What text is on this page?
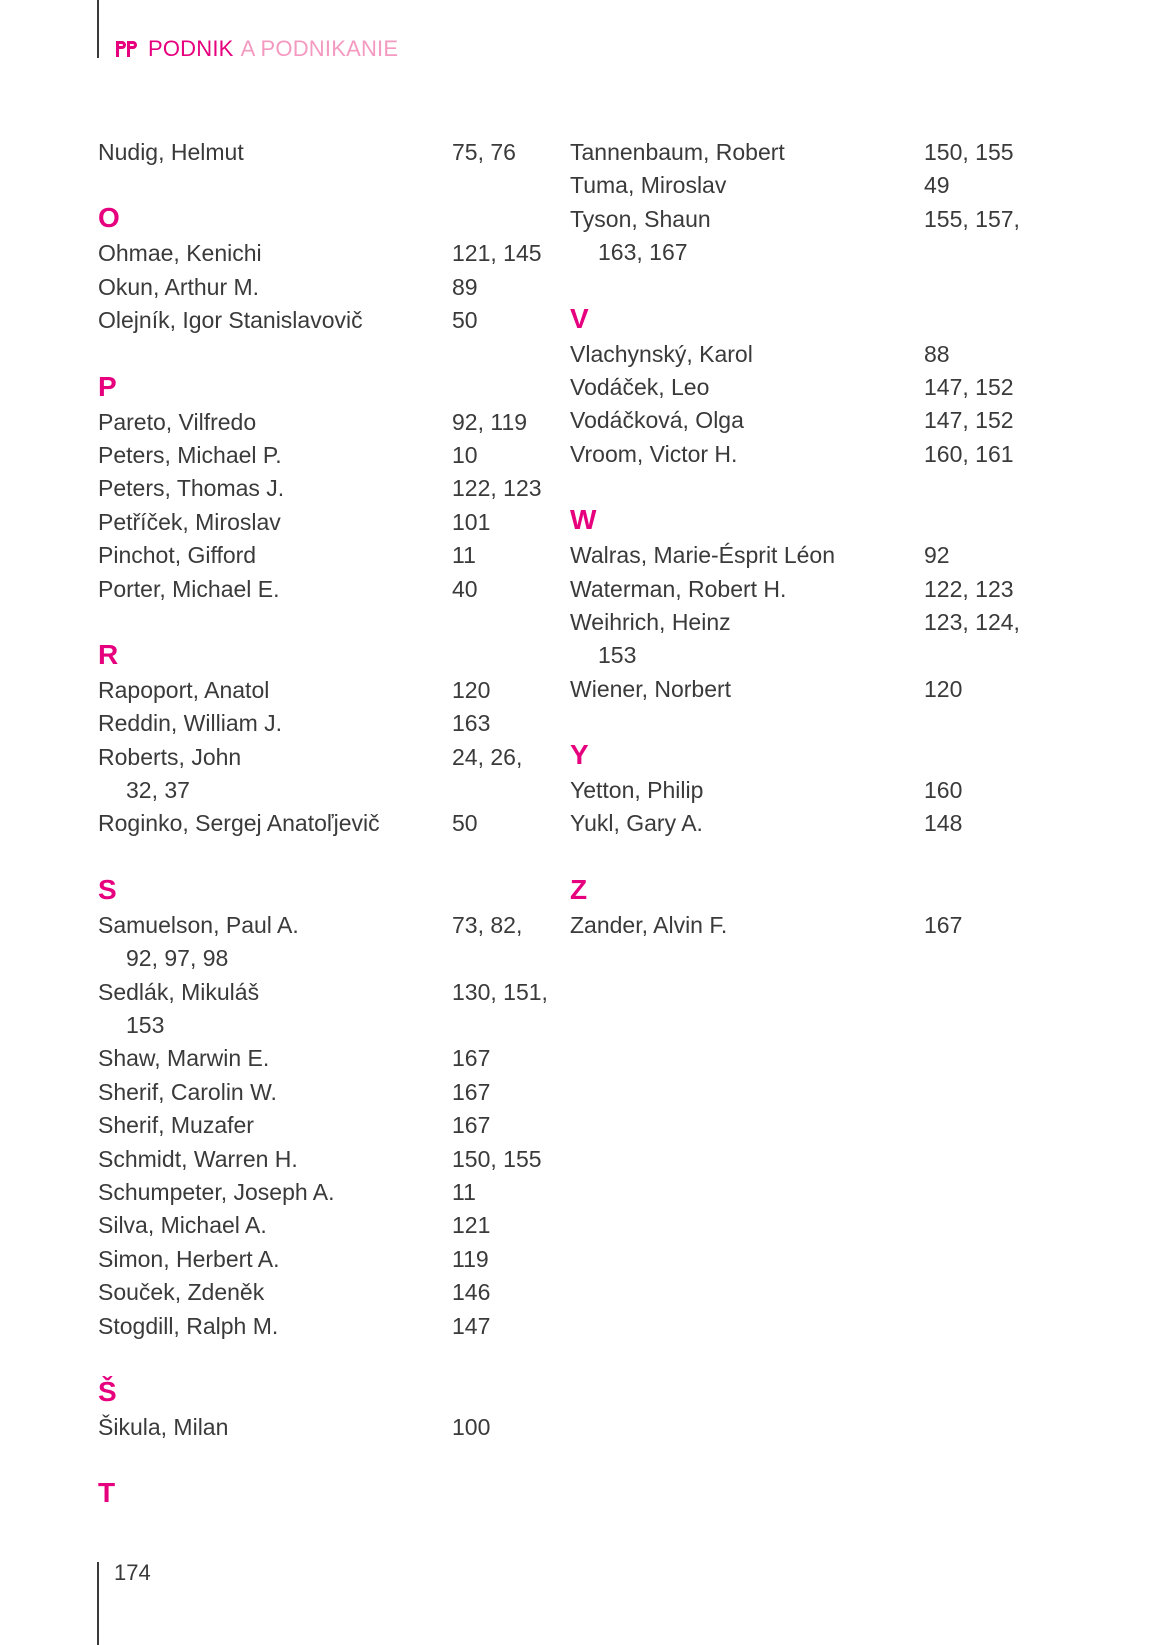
PODNIK A PODNIKANIE
Nudig, Helmut	75, 76
O
Ohmae, Kenichi	121, 145
Okun, Arthur M.	89
Olejník, Igor Stanislavovič	50
P
Pareto, Vilfredo	92, 119
Peters, Michael P.	10
Peters, Thomas J.	122, 123
Petříček, Miroslav	101
Pinchot, Gifford	11
Porter, Michael E.	40
R
Rapoport, Anatol	120
Reddin, William J.	163
Roberts, John	24, 26,
32, 37
Roginko, Sergej Anatoľjevič	50
S
Samuelson, Paul A.	73, 82,
92, 97, 98
Sedlák, Mikuláš	130, 151,
153
Shaw, Marwin E.	167
Sherif, Carolin W.	167
Sherif, Muzafer	167
Schmidt, Warren H.	150, 155
Schumpeter, Joseph A.	11
Silva, Michael A.	121
Simon, Herbert A.	119
Souček, Zdeněk	146
Stogdill, Ralph M.	147
Š
Šikula, Milan	100
T
Tannenbaum, Robert	150, 155
Tuma, Miroslav	49
Tyson, Shaun	155, 157,
163, 167
V
Vlachynský, Karol	88
Vodáček, Leo	147, 152
Vodáčková, Olga	147, 152
Vroom, Victor H.	160, 161
W
Walras, Marie-Ésprit Léon	92
Waterman, Robert H.	122, 123
Weihrich, Heinz	123, 124,
153
Wiener, Norbert	120
Y
Yetton, Philip	160
Yukl, Gary A.	148
Z
Zander, Alvin F.	167
174
